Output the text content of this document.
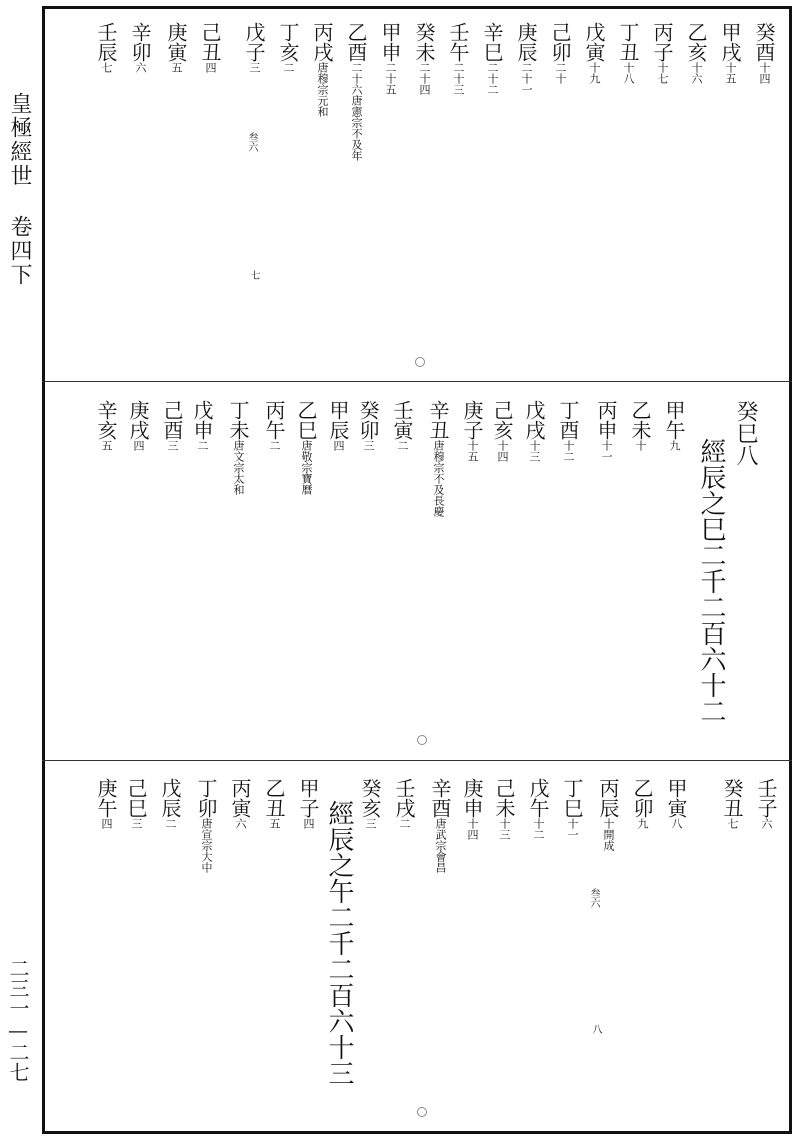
皇極經世 卷四下
二三一—二七
癸酉十四
甲戌十五
乙亥十六
丙子十七
丁丑十八
戊寅十九
己卯二十
庚辰二十一
辛巳二十二
壬午二十三
癸未二十四
甲申二十五
乙酉二十六唐憲宗不及年
丙戌唐穆宗元和
丁亥二
戊子三
己丑四
庚寅五
辛卯六
壬辰七
叁六
七
癸巳八
經辰之巳二千二百六十二
甲午九
乙未十
丙申十一
丁酉十二
戊戌十三
己亥十四
庚子十五
辛丑唐穆宗不及長慶
壬寅二
癸卯三
甲辰四
乙巳唐敬宗寶曆
丙午二
丁未唐文宗太和
戊申二
己酉三
庚戌四
辛亥五
壬子六
癸丑七
甲寅八
乙卯九
丙辰十開成
丁巳十一
戊午十二
己未十三
庚申十四
辛酉唐武宗會昌
壬戌二
癸亥三
經辰之午二千二百六十三
甲子四
乙丑五
丙寅六
丁卯唐宣宗大中
戊辰二
己巳三
庚午四
叁六
八
